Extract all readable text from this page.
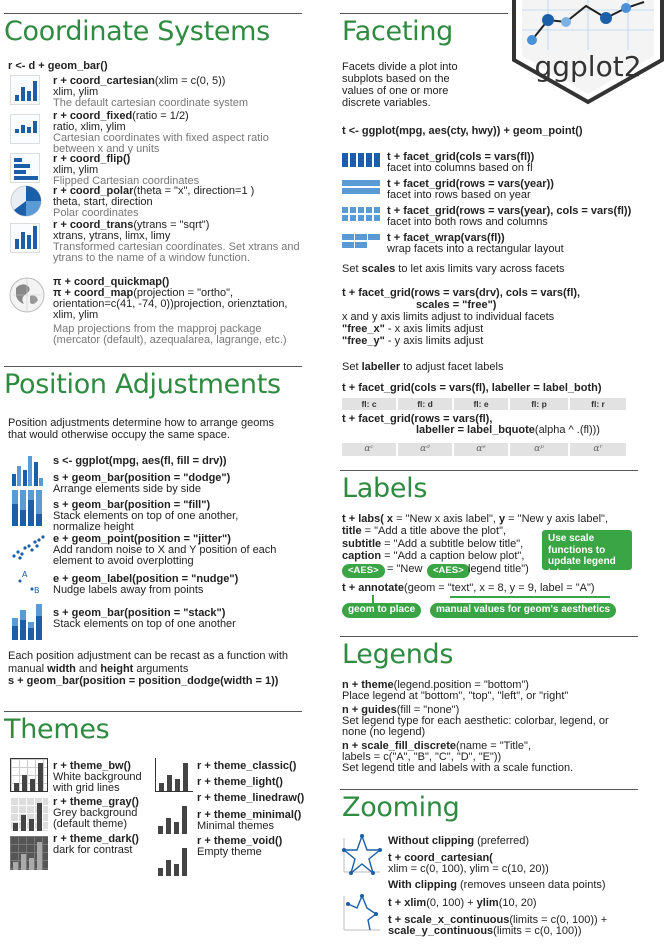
Coordinate Systems
r <- d + geom_bar()
r + coord_cartesian(xlim = c(0, 5))
xlim, ylim
The default cartesian coordinate system
r + coord_fixed(ratio = 1/2)
ratio, xlim, ylim
Cartesian coordinates with fixed aspect ratio
between x and y units
r + coord_flip()
xlim, ylim
Flipped Cartesian coordinates
r + coord_polar(theta = "x", direction=1 )
theta, start, direction
Polar coordinates
r + coord_trans(ytrans = "sqrt")
xtrans, ytrans, limx, limy
Transformed cartesian coordinates. Set xtrans and
ytrans to the name of a window function.
π + coord_quickmap()
π + coord_map(projection = "ortho",
orientation=c(41, -74, 0))projection, orienztation,
xlim, ylim
Map projections from the mapproj package
(mercator (default), azequalarea, lagrange, etc.)
Position Adjustments
Position adjustments determine how to arrange geoms
that would otherwise occupy the same space.
A
B
s <- ggplot(mpg, aes(fl, fill = drv))
s + geom_bar(position = "dodge")
Arrange elements side by side
s + geom_bar(position = "fill")
Stack elements on top of one another,
normalize height
e + geom_point(position = "jitter")
Add random noise to X and Y position of each
element to avoid overplotting
e + geom_label(position = "nudge")
Nudge labels away from points
s + geom_bar(position = "stack")
Stack elements on top of one another
Each position adjustment can be recast as a function with
manual width and height arguments
s + geom_bar(position = position_dodge(width = 1))
Themes
r + theme_bw()
White background
with grid lines
r + theme_gray()
Grey background
(default theme)
r + theme_dark()
dark for contrast
r + theme_classic()
r + theme_light()
r + theme_linedraw()
r + theme_minimal()
Minimal themes
r + theme_void()
Empty theme
Faceting
ggplot2
Facets divide a plot into
subplots based on the
values of one or more
discrete variables.
t <- ggplot(mpg, aes(cty, hwy)) + geom_point()
t + facet_grid(cols = vars(fl))
facet into columns based on fl
t + facet_grid(rows = vars(year))
facet into rows based on year
t + facet_grid(rows = vars(year), cols = vars(fl))
facet into both rows and columns
t + facet_wrap(vars(fl))
wrap facets into a rectangular layout
Set scales to let axis limits vary across facets
t + facet_grid(rows = vars(drv), cols = vars(fl),
scales = "free")
x and y axis limits adjust to individual facets
"free_x" - x axis limits adjust
"free_y" - y axis limits adjust
Set labeller to adjust facet labels
t + facet_grid(cols = vars(fl), labeller = label_both)
fl: c	fl: d	fl: e	fl: p	fl: r
t + facet_grid(rows = vars(fl),
labeller = label_bquote(alpha ^ .(fl)))
αᶜ	αᵈ	αᵉ	αᵖ	αʳ
Labels
t + labs( x = "New x axis label", y = "New y axis label",
title = "Add a title above the plot",
subtitle = "Add a subtitle below title",
caption = "Add a caption below plot",
<AES> = "New	<AES> legend title")
Use scale functions to update legend labels
t + annotate(geom = "text", x = 8, y = 9, label = "A")
geom to place	manual values for geom's aesthetics
Legends
n + theme(legend.position = "bottom")
Place legend at "bottom", "top", "left", or "right"
n + guides(fill = "none")
Set legend type for each aesthetic: colorbar, legend, or
none (no legend)
n + scale_fill_discrete(name = "Title",
labels = c("A", "B", "C", "D", "E"))
Set legend title and labels with a scale function.
Zooming
Without clipping (preferred)
t + coord_cartesian(
xlim = c(0, 100), ylim = c(10, 20))
With clipping (removes unseen data points)
t + xlim(0, 100) + ylim(10, 20)
t + scale_x_continuous(limits = c(0, 100)) +
scale_y_continuous(limits = c(0, 100))
